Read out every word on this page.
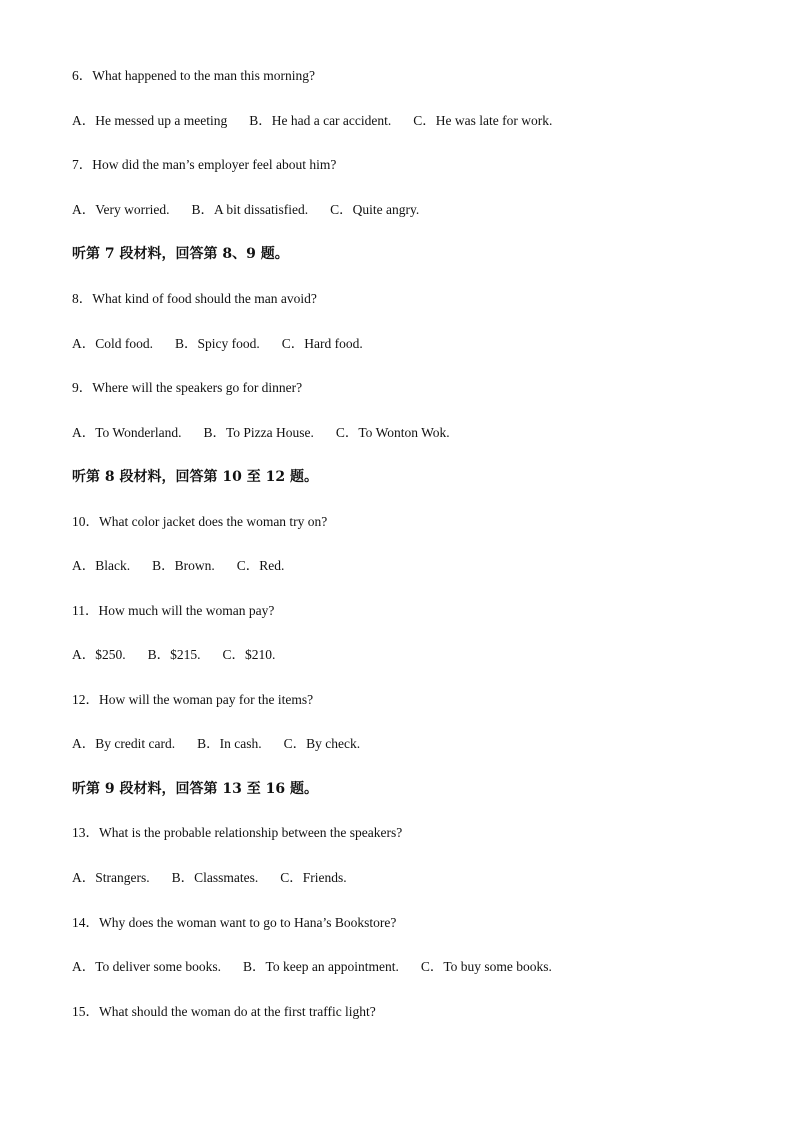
6．What happened to the man this morning?
A．He messed up a meeting B．He had a car accident. C．He was late for work.
7．How did the man’s employer feel about him?
A．Very worried. B．A bit dissatisfied. C．Quite angry.
听第 7 段材料，回答第 8、9 题。
8．What kind of food should the man avoid?
A．Cold food. B．Spicy food. C．Hard food.
9．Where will the speakers go for dinner?
A．To Wonderland. B．To Pizza House. C．To Wonton Wok.
听第 8 段材料，回答第 10 至 12 题。
10．What color jacket does the woman try on?
A．Black. B．Brown. C．Red.
11．How much will the woman pay?
A．$250. B．$215. C．$210.
12．How will the woman pay for the items?
A．By credit card. B．In cash. C．By check.
听第 9 段材料，回答第 13 至 16 题。
13．What is the probable relationship between the speakers?
A．Strangers. B．Classmates. C．Friends.
14．Why does the woman want to go to Hana’s Bookstore?
A．To deliver some books. B．To keep an appointment. C．To buy some books.
15．What should the woman do at the first traffic light?
